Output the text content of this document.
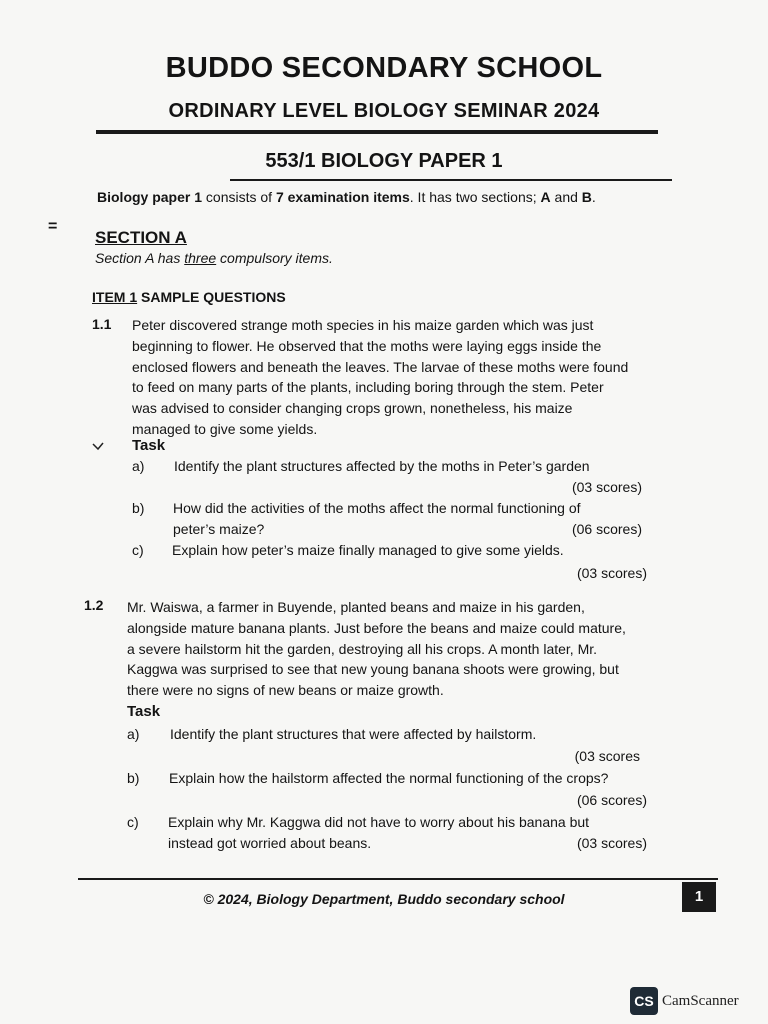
BUDDO SECONDARY SCHOOL
ORDINARY LEVEL BIOLOGY SEMINAR 2024
553/1 BIOLOGY PAPER 1
Biology paper 1 consists of 7 examination items. It has two sections; A and B.
=
SECTION A
Section A has three compulsory items.
ITEM 1 SAMPLE QUESTIONS
1.1 Peter discovered strange moth species in his maize garden which was just
beginning to flower. He observed that the moths were laying eggs inside the
enclosed flowers and beneath the leaves. The larvae of these moths were found
to feed on many parts of the plants, including boring through the stem. Peter
was advised to consider changing crops grown, nonetheless, his maize
managed to give some yields.
Task
a) Identify the plant structures affected by the moths in Peter’s garden
(03 scores)
b) How did the activities of the moths affect the normal functioning of
peter’s maize?	(06 scores)
c) Explain how peter’s maize finally managed to give some yields.
(03 scores)
1.2 Mr. Waiswa, a farmer in Buyende, planted beans and maize in his garden,
alongside mature banana plants. Just before the beans and maize could mature,
a severe hailstorm hit the garden, destroying all his crops. A month later, Mr.
Kaggwa was surprised to see that new young banana shoots were growing, but
there were no signs of new beans or maize growth.
Task
a) Identify the plant structures that were affected by hailstorm.
(03 scores
b) Explain how the hailstorm affected the normal functioning of the crops?
(06 scores)
c) Explain why Mr. Kaggwa did not have to worry about his banana but
instead got worried about beans.	(03 scores)
© 2024, Biology Department, Buddo secondary school	1
CS CamScanner
